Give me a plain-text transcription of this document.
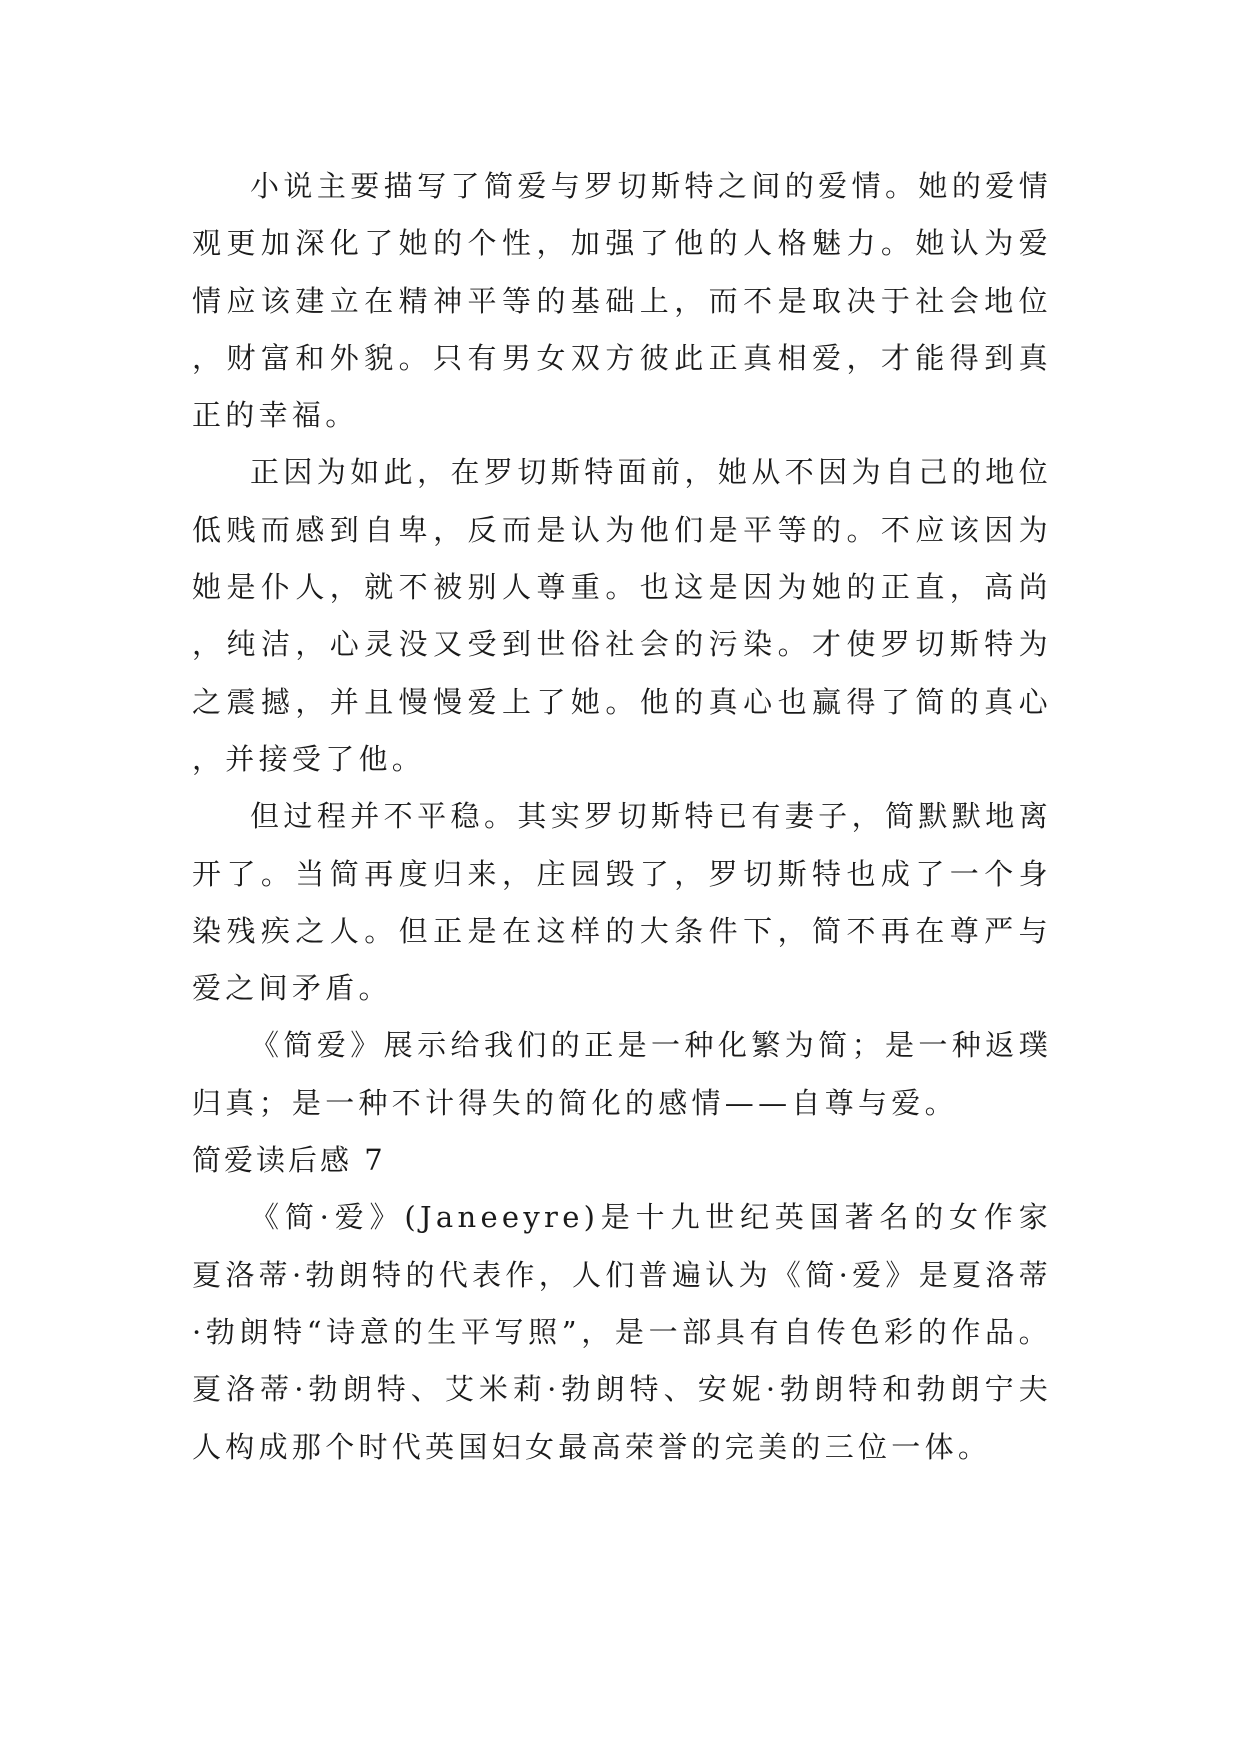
小说主要描写了简爱与罗切斯特之间的爱情。她的爱情观更加深化了她的个性，加强了他的人格魅力。她认为爱情应该建立在精神平等的基础上，而不是取决于社会地位，财富和外貌。只有男女双方彼此正真相爱，才能得到真正的幸福。

正因为如此，在罗切斯特面前，她从不因为自己的地位低贱而感到自卑，反而是认为他们是平等的。不应该因为她是仆人，就不被别人尊重。也这是因为她的正直，高尚，纯洁，心灵没又受到世俗社会的污染。才使罗切斯特为之震撼，并且慢慢爱上了她。他的真心也赢得了简的真心，并接受了他。

但过程并不平稳。其实罗切斯特已有妻子，简默默地离开了。当简再度归来，庄园毁了，罗切斯特也成了一个身染残疾之人。但正是在这样的大条件下，简不再在尊严与爱之间矛盾。

《简爱》展示给我们的正是一种化繁为简；是一种返璞归真；是一种不计得失的简化的感情——自尊与爱。

简爱读后感 7

《简·爱》(Janeeyre)是十九世纪英国著名的女作家夏洛蒂·勃朗特的代表作，人们普遍认为《简·爱》是夏洛蒂·勃朗特“诗意的生平写照”，是一部具有自传色彩的作品。夏洛蒂·勃朗特、艾米莉·勃朗特、安妮·勃朗特和勃朗宁夫人构成那个时代英国妇女最高荣誉的完美的三位一体。
